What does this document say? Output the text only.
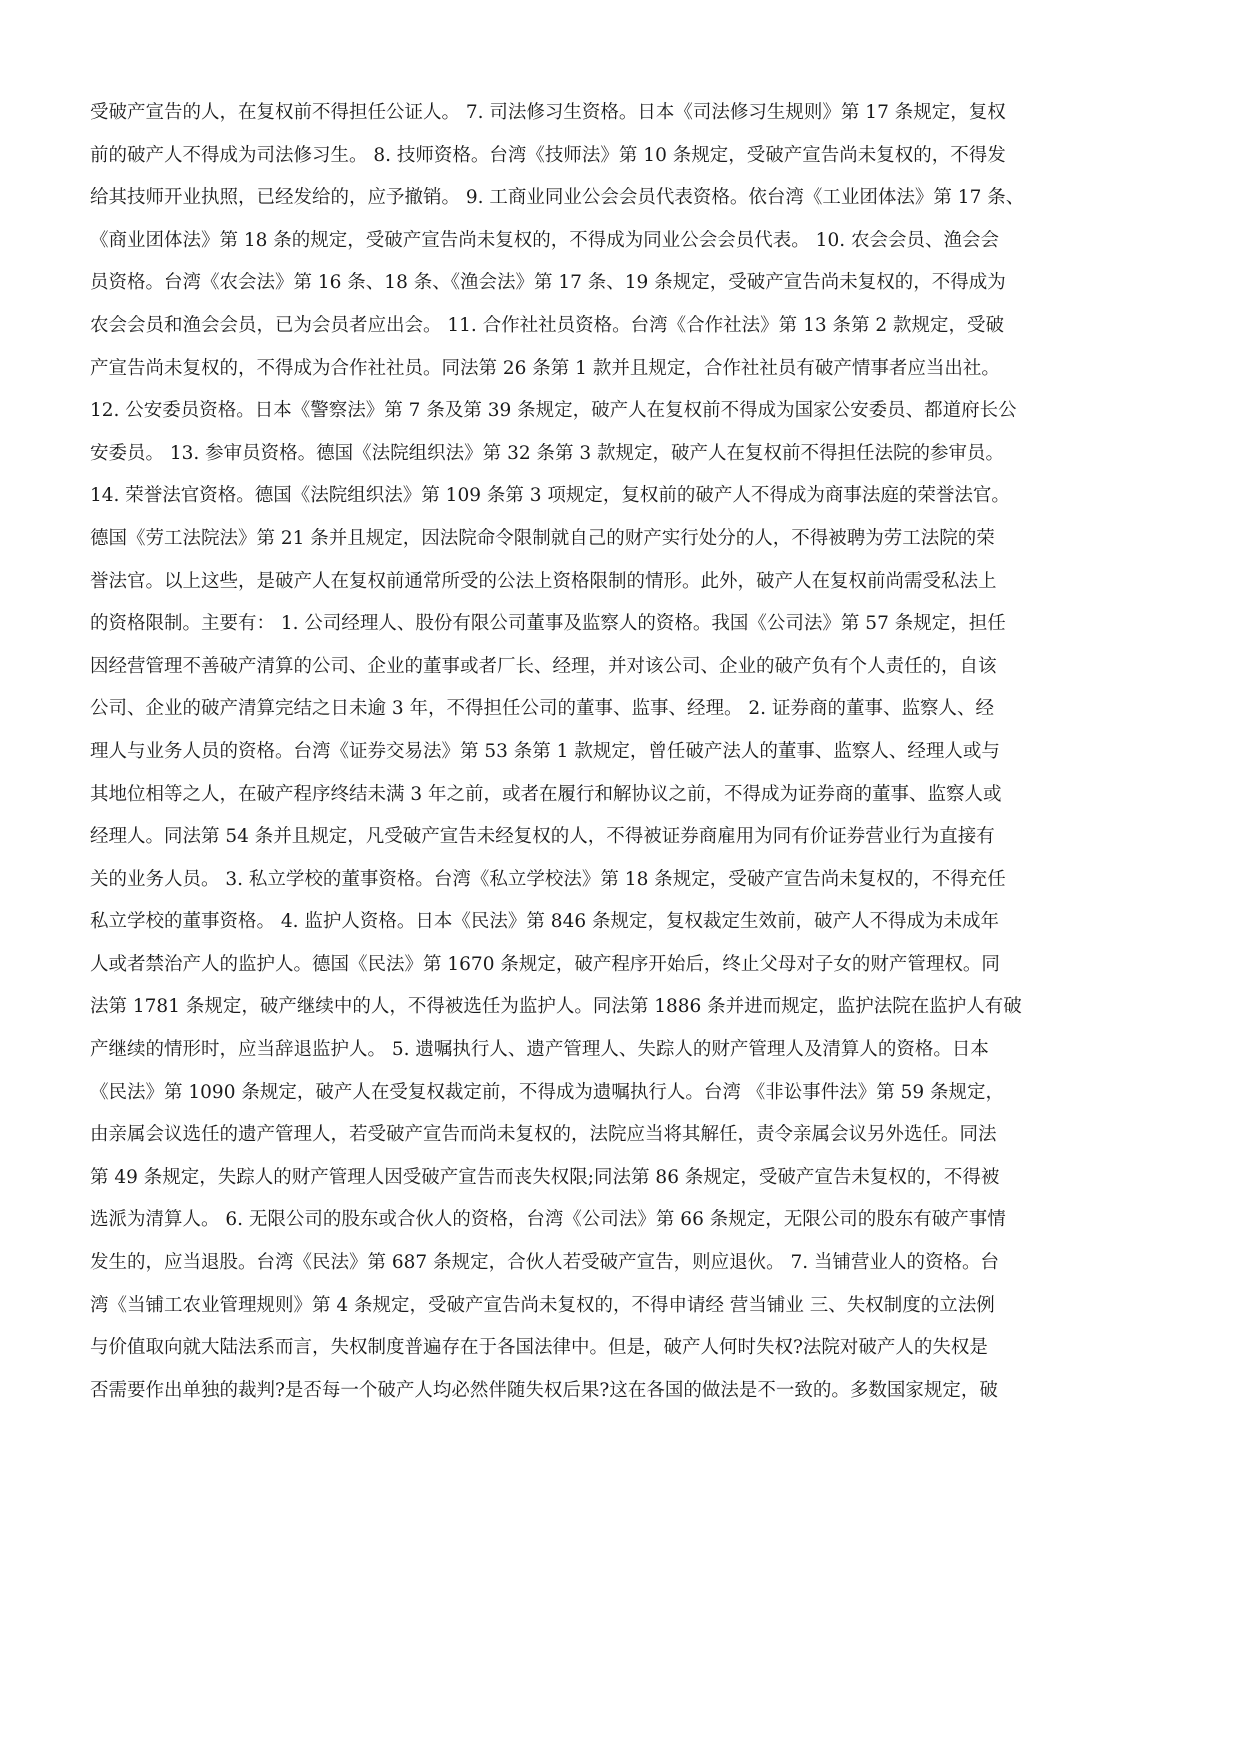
受破产宣告的人，在复权前不得担任公证人。 7. 司法修习生资格。日本《司法修习生规则》第 17 条规定，复权
前的破产人不得成为司法修习生。 8. 技师资格。台湾《技师法》第 10 条规定，受破产宣告尚未复权的，不得发
给其技师开业执照，已经发给的，应予撤销。 9. 工商业同业公会会员代表资格。依台湾《工业团体法》第 17 条、
《商业团体法》第 18 条的规定，受破产宣告尚未复权的，不得成为同业公会会员代表。 10. 农会会员、渔会会
员资格。台湾《农会法》第 16 条、18 条、《渔会法》第 17 条、19 条规定，受破产宣告尚未复权的，不得成为
农会会员和渔会会员，已为会员者应出会。 11. 合作社社员资格。台湾《合作社法》第 13 条第 2 款规定，受破
产宣告尚未复权的，不得成为合作社社员。同法第 26 条第 1 款并且规定，合作社社员有破产情事者应当出社。
12. 公安委员资格。日本《警察法》第 7 条及第 39 条规定，破产人在复权前不得成为国家公安委员、都道府长公
安委员。 13. 参审员资格。德国《法院组织法》第 32 条第 3 款规定，破产人在复权前不得担任法院的参审员。
14. 荣誉法官资格。德国《法院组织法》第 109 条第 3 项规定，复权前的破产人不得成为商事法庭的荣誉法官。
德国《劳工法院法》第 21 条并且规定，因法院命令限制就自己的财产实行处分的人，不得被聘为劳工法院的荣
誉法官。以上这些，是破产人在复权前通常所受的公法上资格限制的情形。此外，破产人在复权前尚需受私法上
的资格限制。主要有： 1. 公司经理人、股份有限公司董事及监察人的资格。我国《公司法》第 57 条规定，担任
因经营管理不善破产清算的公司、企业的董事或者厂长、经理，并对该公司、企业的破产负有个人责任的，自该
公司、企业的破产清算完结之日未逾 3 年，不得担任公司的董事、监事、经理。 2. 证券商的董事、监察人、经
理人与业务人员的资格。台湾《证券交易法》第 53 条第 1 款规定，曾任破产法人的董事、监察人、经理人或与
其地位相等之人，在破产程序终结未满 3 年之前，或者在履行和解协议之前，不得成为证券商的董事、监察人或
经理人。同法第 54 条并且规定，凡受破产宣告未经复权的人，不得被证券商雇用为同有价证券营业行为直接有
关的业务人员。 3. 私立学校的董事资格。台湾《私立学校法》第 18 条规定，受破产宣告尚未复权的，不得充任
私立学校的董事资格。 4. 监护人资格。日本《民法》第 846 条规定，复权裁定生效前，破产人不得成为未成年
人或者禁治产人的监护人。德国《民法》第 1670 条规定，破产程序开始后，终止父母对子女的财产管理权。同
法第 1781 条规定，破产继续中的人，不得被选任为监护人。同法第 1886 条并进而规定，监护法院在监护人有破
产继续的情形时，应当辞退监护人。 5. 遗嘱执行人、遗产管理人、失踪人的财产管理人及清算人的资格。日本
《民法》第 1090 条规定，破产人在受复权裁定前，不得成为遗嘱执行人。台湾 《非讼事件法》第 59 条规定，
由亲属会议选任的遗产管理人，若受破产宣告而尚未复权的，法院应当将其解任，责令亲属会议另外选任。同法
第 49 条规定，失踪人的财产管理人因受破产宣告而丧失权限;同法第 86 条规定，受破产宣告未复权的，不得被
选派为清算人。 6. 无限公司的股东或合伙人的资格，台湾《公司法》第 66 条规定，无限公司的股东有破产事情
发生的，应当退股。台湾《民法》第 687 条规定，合伙人若受破产宣告，则应退伙。 7. 当铺营业人的资格。台
湾《当铺工农业管理规则》第 4 条规定，受破产宣告尚未复权的，不得申请经 营当铺业 三、失权制度的立法例
与价值取向就大陆法系而言，失权制度普遍存在于各国法律中。但是，破产人何时失权?法院对破产人的失权是
否需要作出单独的裁判?是否每一个破产人均必然伴随失权后果?这在各国的做法是不一致的。多数国家规定，破
